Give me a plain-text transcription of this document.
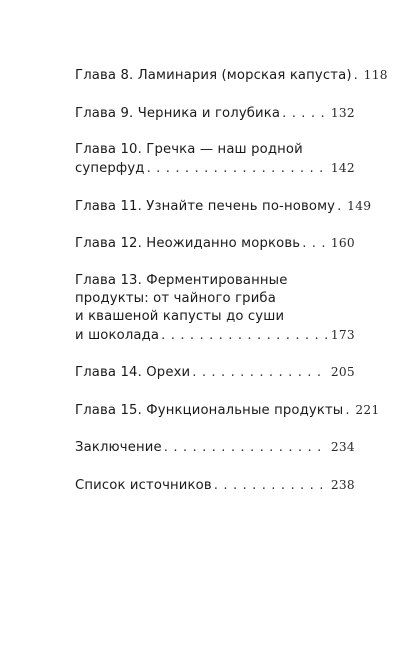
Глава 8. Ламинария (морская капуста) . . . 118
Глава 9. Черника и голубика . . .	132
Глава 10. Гречка — наш родной
суперфуд . . .	142
Глава 11. Узнайте печень по-новому . . . 149
Глава 12. Неожиданно морковь . . .	160
Глава 13. Ферментированные
продукты: от чайного гриба
и квашеной капусты до суши
и шоколада . . .	173
Глава 14. Орехи . . .	205
Глава 15. Функциональные продукты . . . 221
Заключение . . .	234
Список источников . . .	238
